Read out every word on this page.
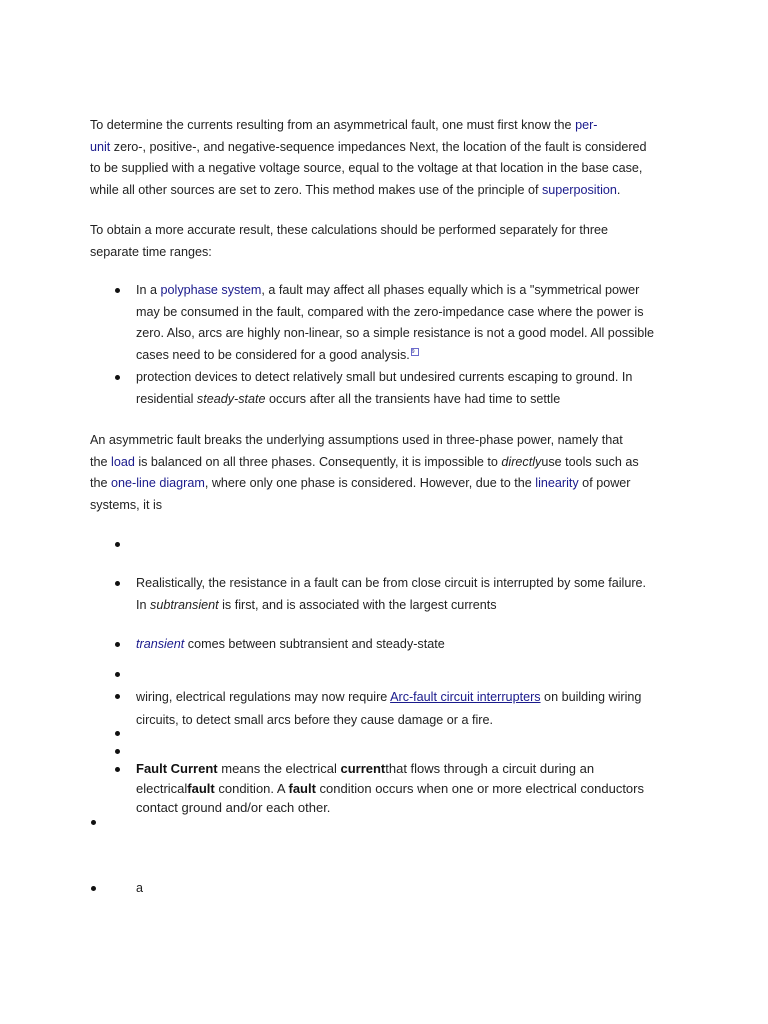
To determine the currents resulting from an asymmetrical fault, one must first know the per-
unit zero-, positive-, and negative-sequence impedances Next, the location of the fault is considered
to be supplied with a negative voltage source, equal to the voltage at that location in the base case,
while all other sources are set to zero. This method makes use of the principle of superposition.

To obtain a more accurate result, these calculations should be performed separately for three
separate time ranges:

In a polyphase system, a fault may affect all phases equally which is a "symmetrical power
may be consumed in the fault, compared with the zero-impedance case where the power is
zero. Also, arcs are highly non-linear, so a simple resistance is not a good model. All possible
cases need to be considered for a good analysis. 9
protection devices to detect relatively small but undesired currents escaping to ground. In
residential steady-state occurs after all the transients have had time to settle

An asymmetric fault breaks the underlying assumptions used in three-phase power, namely that
the load is balanced on all three phases. Consequently, it is impossible to directlyuse tools such as
the one-line diagram, where only one phase is considered. However, due to the linearity of power
systems, it is

Realistically, the resistance in a fault can be from close circuit is interrupted by some failure.
In subtransient is first, and is associated with the largest currents
transient comes between subtransient and steady-state
wiring, electrical regulations may now require Arc-fault circuit interrupters on building wiring
circuits, to detect small arcs before they cause damage or a fire.
Fault Current means the electrical currentthat flows through a circuit during an
electricalfault condition. A fault condition occurs when one or more electrical conductors
contact ground and/or each other.
a
